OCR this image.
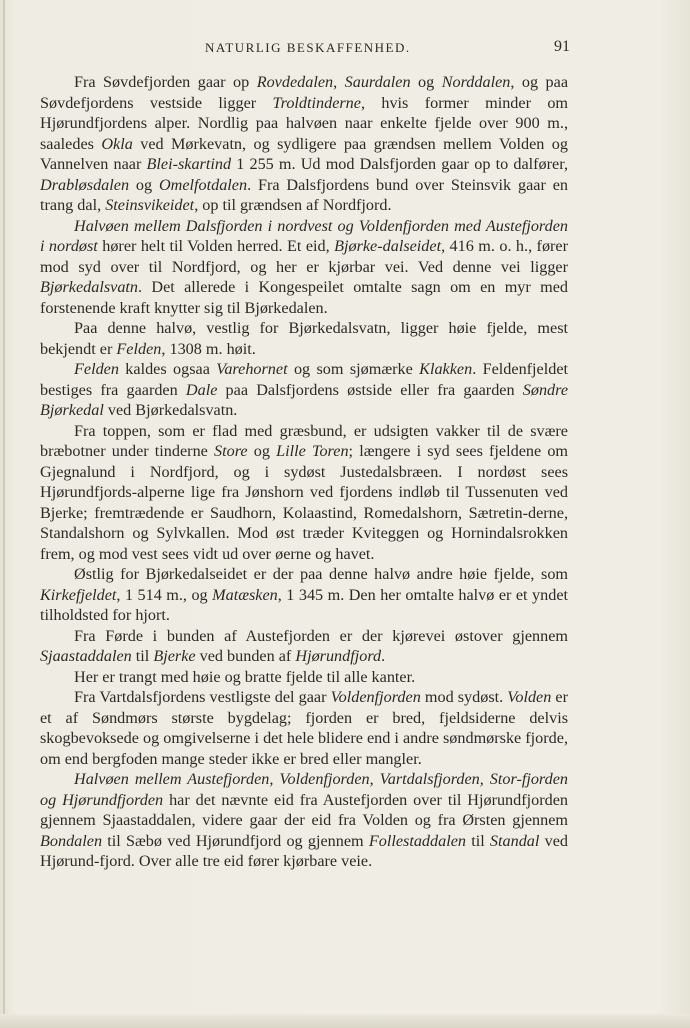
NATURLIG BESKAFFENHED.	91

Fra Søvdefjorden gaar op Rovdedalen, Saurdalen og Norddalen, og paa Søvdefjordens vestside ligger Troldtinderne, hvis former minder om Hjørundfjordens alper. Nordlig paa halvøen naar enkelte fjelde over 900 m., saaledes Okla ved Mørkevatn, og sydligere paa grændsen mellem Volden og Vannelven naar Blei-skartind 1 255 m. Ud mod Dalsfjorden gaar op to dalfører, Drabløsdalen og Omelfotdalen. Fra Dalsfjordens bund over Steinsvik gaar en trang dal, Steinsvikeidet, op til grændsen af Nordfjord.

Halvøen mellem Dalsfjorden i nordvest og Voldenfjorden med Austefjorden i nordøst hører helt til Volden herred. Et eid, Bjørke-dalseidet, 416 m. o. h., fører mod syd over til Nordfjord, og her er kjørbar vei. Ved denne vei ligger Bjørkedalsvatn. Det allerede i Kongespeilet omtalte sagn om en myr med forstenende kraft knytter sig til Bjørkedalen.

Paa denne halvø, vestlig for Bjørkedalsvatn, ligger høie fjelde, mest bekjendt er Felden, 1308 m. høit.

Felden kaldes ogsaa Varehornet og som sjømærke Klakken. Feldenfjeldet bestiges fra gaarden Dale paa Dalsfjordens østside eller fra gaarden Søndre Bjørkedal ved Bjørkedalsvatn.

Fra toppen, som er flad med græsbund, er udsigten vakker til de svære bræbotner under tinderne Store og Lille Toren; længere i syd sees fjeldene om Gjegnalund i Nordfjord, og i sydøst Justedalsbræen. I nordøst sees Hjørundfjords-alperne lige fra Jønshorn ved fjordens indløb til Tussenuten ved Bjerke; fremtrædende er Saudhorn, Kolaastind, Romedalshorn, Sætretin-derne, Standalshorn og Sylvkallen. Mod øst træder Kviteggen og Hornindalsrokken frem, og mod vest sees vidt ud over øerne og havet.

Østlig for Bjørkedalseidet er der paa denne halvø andre høie fjelde, som Kirkefjeldet, 1 514 m., og Matæsken, 1 345 m. Den her omtalte halvø er et yndet tilholdsted for hjort.

Fra Førde i bunden af Austefjorden er der kjørevei østover gjennem Sjaastaddalen til Bjerke ved bunden af Hjørundfjord.

Her er trangt med høie og bratte fjelde til alle kanter.

Fra Vartdalsfjordens vestligste del gaar Voldenfjorden mod sydøst. Volden er et af Søndmørs største bygdelag; fjorden er bred, fjeldsiderne delvis skogbevoksede og omgivelserne i det hele blidere end i andre søndmørske fjorde, om end bergfoden mange steder ikke er bred eller mangler.

Halvøen mellem Austefjorden, Voldenfjorden, Vartdalsfjorden, Stor-fjorden og Hjørundfjorden har det nævnte eid fra Austefjorden over til Hjørundfjorden gjennem Sjaastaddalen, videre gaar der eid fra Volden og fra Ørsten gjennem Bondalen til Sæbø ved Hjørundfjord og gjennem Follestaddalen til Standal ved Hjørund-fjord. Over alle tre eid fører kjørbare veie.
